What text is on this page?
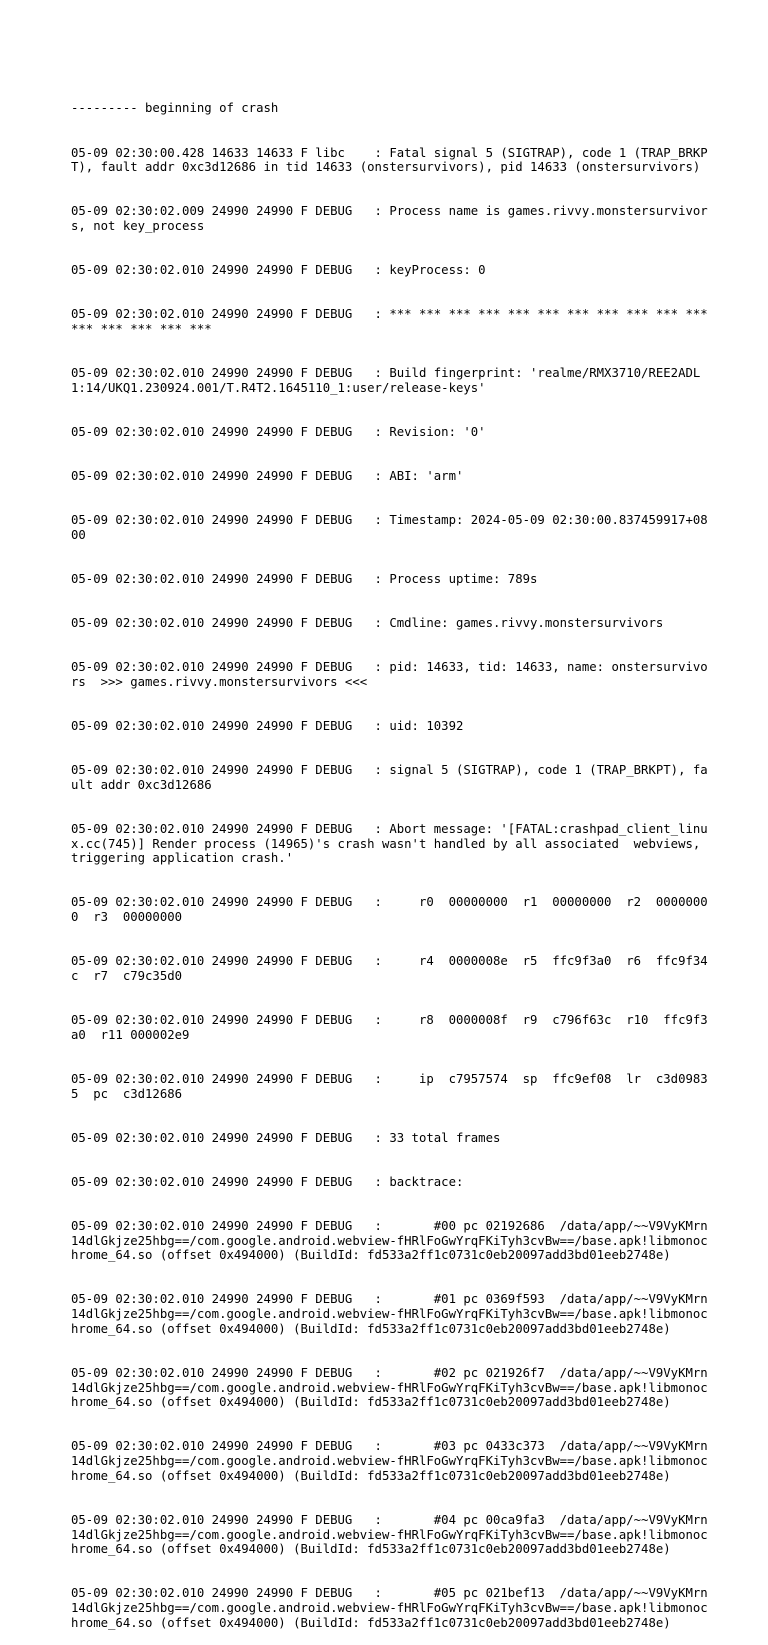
--------- beginning of crash

05-09 02:30:00.428 14633 14633 F libc    : Fatal signal 5 (SIGTRAP), code 1 (TRAP_BRKPT), fault addr 0xc3d12686 in tid 14633 (onstersurvivors), pid 14633 (onstersurvivors)

05-09 02:30:02.009 24990 24990 F DEBUG   : Process name is games.rivvy.monstersurvivors, not key_process

05-09 02:30:02.010 24990 24990 F DEBUG   : keyProcess: 0

05-09 02:30:02.010 24990 24990 F DEBUG   : *** *** *** *** *** *** *** *** *** *** *** *** *** *** *** ***

05-09 02:30:02.010 24990 24990 F DEBUG   : Build fingerprint: 'realme/RMX3710/REE2ADL1:14/UKQ1.230924.001/T.R4T2.1645110_1:user/release-keys'

05-09 02:30:02.010 24990 24990 F DEBUG   : Revision: '0'

05-09 02:30:02.010 24990 24990 F DEBUG   : ABI: 'arm'

05-09 02:30:02.010 24990 24990 F DEBUG   : Timestamp: 2024-05-09 02:30:00.837459917+0800

05-09 02:30:02.010 24990 24990 F DEBUG   : Process uptime: 789s

05-09 02:30:02.010 24990 24990 F DEBUG   : Cmdline: games.rivvy.monstersurvivors

05-09 02:30:02.010 24990 24990 F DEBUG   : pid: 14633, tid: 14633, name: onstersurvivors  >>> games.rivvy.monstersurvivors <<<

05-09 02:30:02.010 24990 24990 F DEBUG   : uid: 10392

05-09 02:30:02.010 24990 24990 F DEBUG   : signal 5 (SIGTRAP), code 1 (TRAP_BRKPT), fault addr 0xc3d12686

05-09 02:30:02.010 24990 24990 F DEBUG   : Abort message: '[FATAL:crashpad_client_linux.cc(745)] Render process (14965)'s crash wasn't handled by all associated  webviews, triggering application crash.'

05-09 02:30:02.010 24990 24990 F DEBUG   :     r0  00000000  r1  00000000  r2  00000000  r3  00000000

05-09 02:30:02.010 24990 24990 F DEBUG   :     r4  0000008e  r5  ffc9f3a0  r6  ffc9f34c  r7  c79c35d0

05-09 02:30:02.010 24990 24990 F DEBUG   :     r8  0000008f  r9  c796f63c  r10  ffc9f3a0  r11 000002e9

05-09 02:30:02.010 24990 24990 F DEBUG   :     ip  c7957574  sp  ffc9ef08  lr  c3d09835  pc  c3d12686

05-09 02:30:02.010 24990 24990 F DEBUG   : 33 total frames

05-09 02:30:02.010 24990 24990 F DEBUG   : backtrace:

05-09 02:30:02.010 24990 24990 F DEBUG   :       #00 pc 02192686  /data/app/~~V9VyKMrn14dlGkjze25hbg==/com.google.android.webview-fHRlFoGwYrqFKiTyh3cvBw==/base.apk!libmonochrome_64.so (offset 0x494000) (BuildId: fd533a2ff1c0731c0eb20097add3bd01eeb2748e)

05-09 02:30:02.010 24990 24990 F DEBUG   :       #01 pc 0369f593  /data/app/~~V9VyKMrn14dlGkjze25hbg==/com.google.android.webview-fHRlFoGwYrqFKiTyh3cvBw==/base.apk!libmonochrome_64.so (offset 0x494000) (BuildId: fd533a2ff1c0731c0eb20097add3bd01eeb2748e)

05-09 02:30:02.010 24990 24990 F DEBUG   :       #02 pc 021926f7  /data/app/~~V9VyKMrn14dlGkjze25hbg==/com.google.android.webview-fHRlFoGwYrqFKiTyh3cvBw==/base.apk!libmonochrome_64.so (offset 0x494000) (BuildId: fd533a2ff1c0731c0eb20097add3bd01eeb2748e)

05-09 02:30:02.010 24990 24990 F DEBUG   :       #03 pc 0433c373  /data/app/~~V9VyKMrn14dlGkjze25hbg==/com.google.android.webview-fHRlFoGwYrqFKiTyh3cvBw==/base.apk!libmonochrome_64.so (offset 0x494000) (BuildId: fd533a2ff1c0731c0eb20097add3bd01eeb2748e)

05-09 02:30:02.010 24990 24990 F DEBUG   :       #04 pc 00ca9fa3  /data/app/~~V9VyKMrn14dlGkjze25hbg==/com.google.android.webview-fHRlFoGwYrqFKiTyh3cvBw==/base.apk!libmonochrome_64.so (offset 0x494000) (BuildId: fd533a2ff1c0731c0eb20097add3bd01eeb2748e)

05-09 02:30:02.010 24990 24990 F DEBUG   :       #05 pc 021bef13  /data/app/~~V9VyKMrn14dlGkjze25hbg==/com.google.android.webview-fHRlFoGwYrqFKiTyh3cvBw==/base.apk!libmonochrome_64.so (offset 0x494000) (BuildId: fd533a2ff1c0731c0eb20097add3bd01eeb2748e)
